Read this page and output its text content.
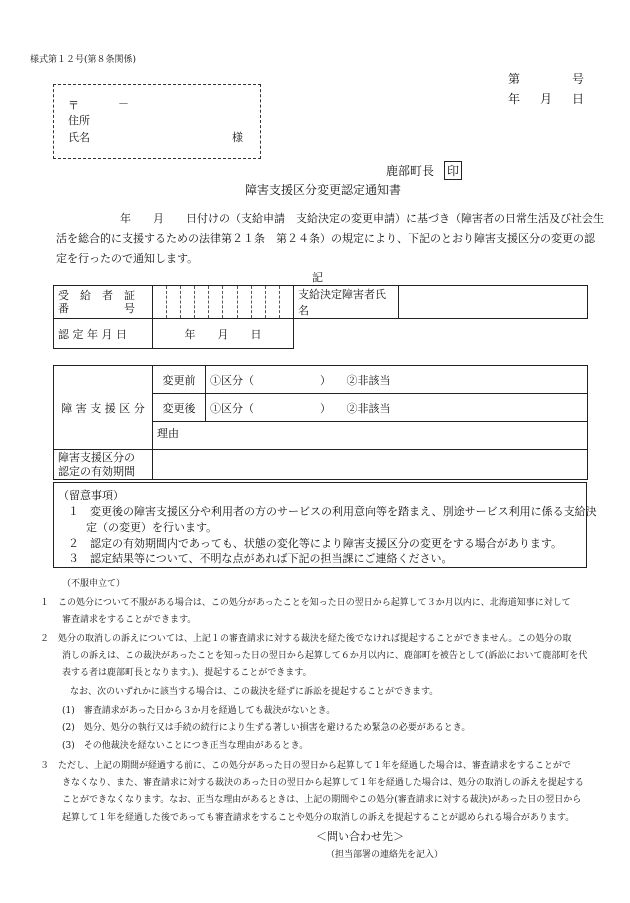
様式第１２号(第８条関係)
第	号
年 月 日
〒	－
住所
氏名	様
鹿部町長 印
障害支援区分変更認定通知書
年　　月　　日付けの（支給申請　支給決定の変更申請）に基づき（障害者の日常生活及び社会生
活を総合的に支援するための法律第２１条　第２４条）の規定により、下記のとおり障害支援区分の変更の認
定を行ったので通知します。
記
受　給　者　証
番　　　　　号		支給決定障害者氏名	
認 定 年 月 日	年　　月　　日		
障 害 支 援 区 分	変更前	①区分（　　　　　　） ②非該当
	変更後	①区分（　　　　　　） ②非該当
	理由	

障害支援区分の
認定の有効期間		

（留意事項）
１　変更後の障害支援区分や利用者の方のサービスの利用意向等を踏まえ、別途サービス利用に係る支給決
定（の変更）を行います。
２　認定の有効期間内であっても、状態の変化等により障害支援区分の変更をする場合があります。
３　認定結果等について、不明な点があれば下記の担当課にご連絡ください。
（不服申立て）
１　この処分について不服がある場合は、この処分があったことを知った日の翌日から起算して３か月以内に、北海道知事に対して
審査請求をすることができます。
２　処分の取消しの訴えについては、上記１の審査請求に対する裁決を経た後でなければ提起することができません。この処分の取
消しの訴えは、この裁決があったことを知った日の翌日から起算して６か月以内に、鹿部町を被告として(訴訟において鹿部町を代
表する者は鹿部町長となります。)、提起することができます。
なお、次のいずれかに該当する場合は、この裁決を経ずに訴訟を提起することができます。
(1)　審査請求があった日から３か月を経過しても裁決がないとき。
(2)　処分、処分の執行又は手続の続行により生ずる著しい損害を避けるため緊急の必要があるとき。
(3)　その他裁決を経ないことにつき正当な理由があるとき。
３　ただし、上記の期間が経過する前に、この処分があった日の翌日から起算して１年を経過した場合は、審査請求をすることがで
きなくなり、また、審査請求に対する裁決のあった日の翌日から起算して１年を経過した場合は、処分の取消しの訴えを提起する
ことができなくなります。なお、正当な理由があるときは、上記の期間やこの処分(審査請求に対する裁決)があった日の翌日から
起算して１年を経過した後であっても審査請求をすることや処分の取消しの訴えを提起することが認められる場合があります。
＜問い合わせ先＞
（担当部署の連絡先を記入）
